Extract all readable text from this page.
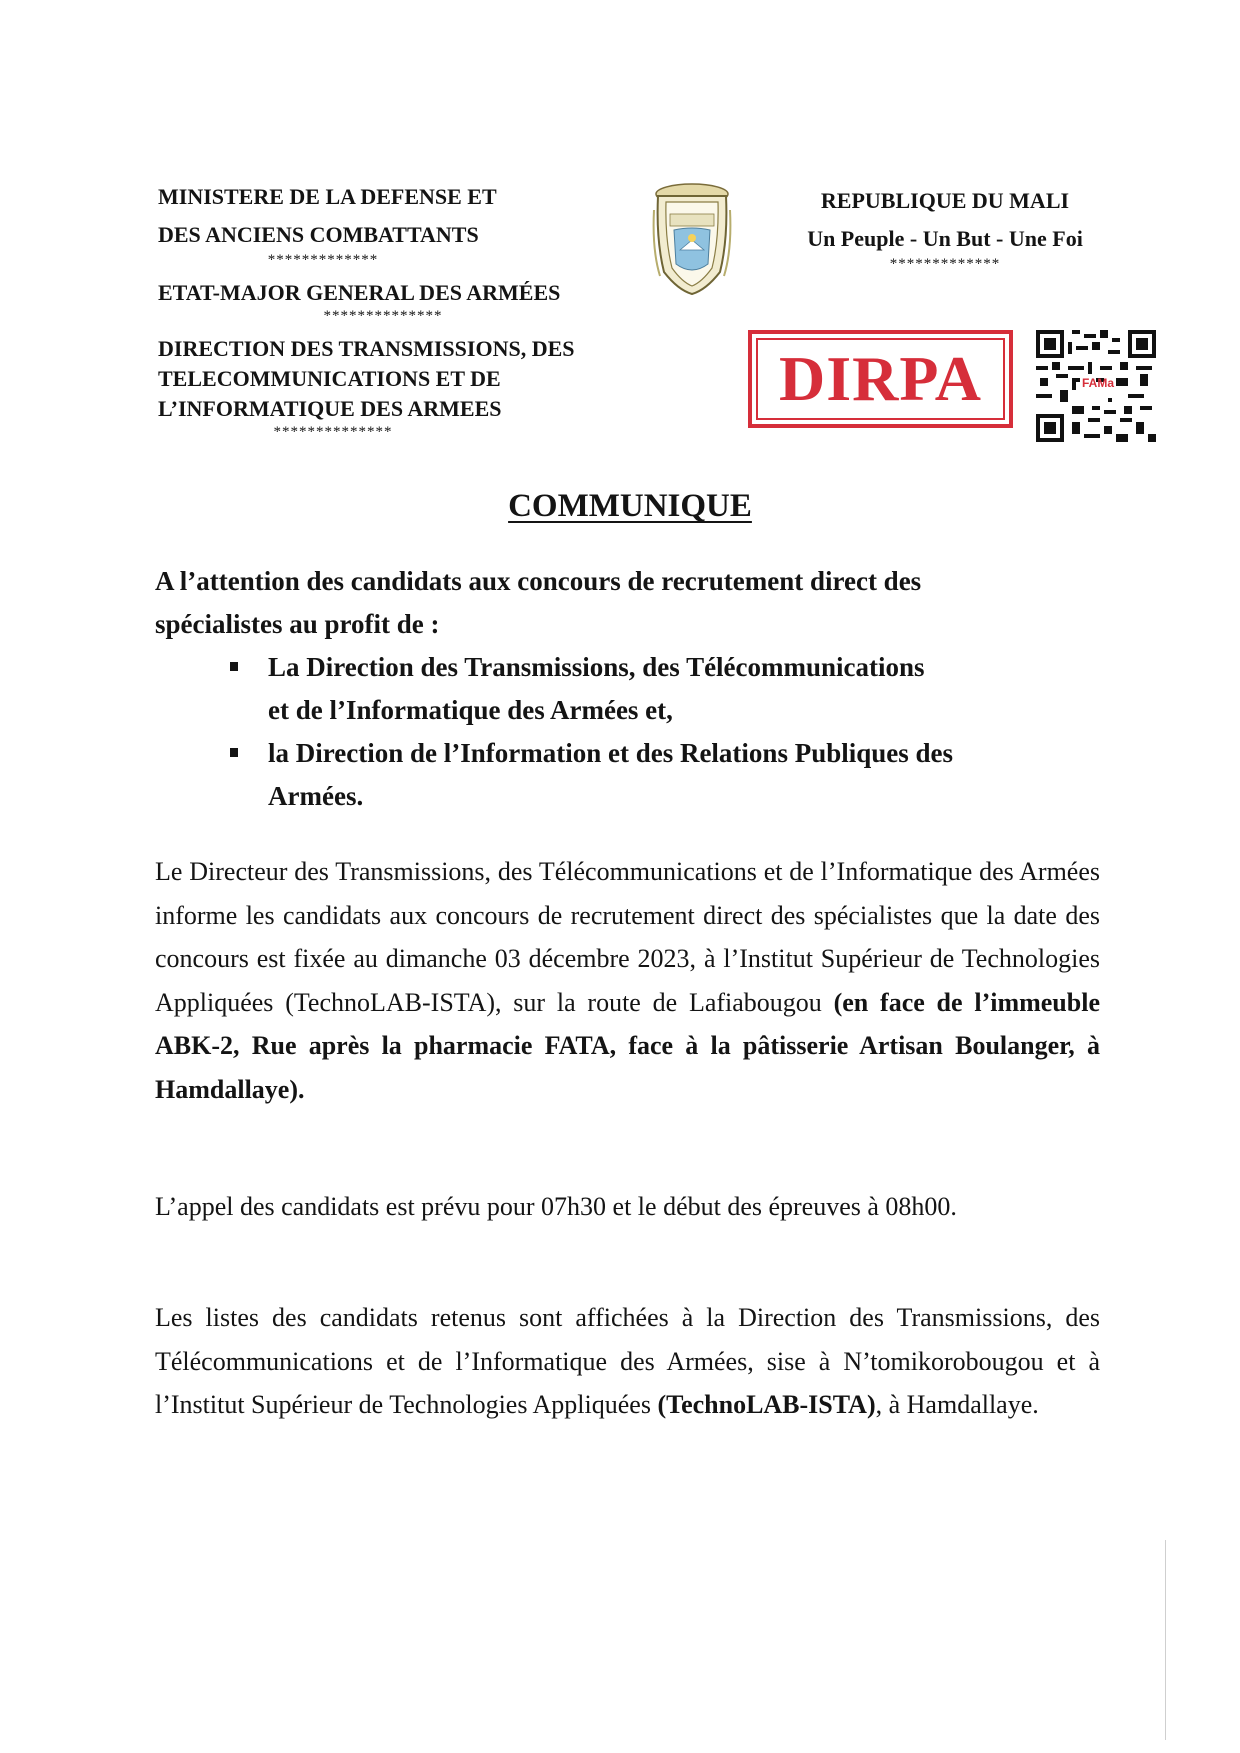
MINISTERE DE LA DEFENSE ET
DES ANCIENS COMBATTANTS
*************
ETAT-MAJOR GENERAL DES ARMÉES
**************
DIRECTION DES TRANSMISSIONS, DES
TELECOMMUNICATIONS ET DE
L’INFORMATIQUE DES ARMEES
**************
REPUBLIQUE DU MALI
Un Peuple - Un But - Une Foi
*************
DIRPA	FAMa
COMMUNIQUE
A l’attention des candidats aux concours de recrutement direct des
spécialistes au profit de :
La Direction des Transmissions, des Télécommunications
et de l’Informatique des Armées et,
la Direction de l’Information et des Relations Publiques des
Armées.
Le Directeur des Transmissions, des Télécommunications et de l’Informatique des Armées informe les candidats aux concours de recrutement direct des spécialistes que la date des concours est fixée au dimanche 03 décembre 2023, à l’Institut Supérieur de Technologies Appliquées (TechnoLAB-ISTA), sur la route de Lafiabougou (en face de l’immeuble ABK-2, Rue après la pharmacie FATA, face à la pâtisserie Artisan Boulanger, à Hamdallaye).
L’appel des candidats est prévu pour 07h30 et le début des épreuves à 08h00.
Les listes des candidats retenus sont affichées à la Direction des Transmissions, des Télécommunications et de l’Informatique des Armées, sise à N’tomikorobougou et à l’Institut Supérieur de Technologies Appliquées (TechnoLAB-ISTA), à Hamdallaye.
